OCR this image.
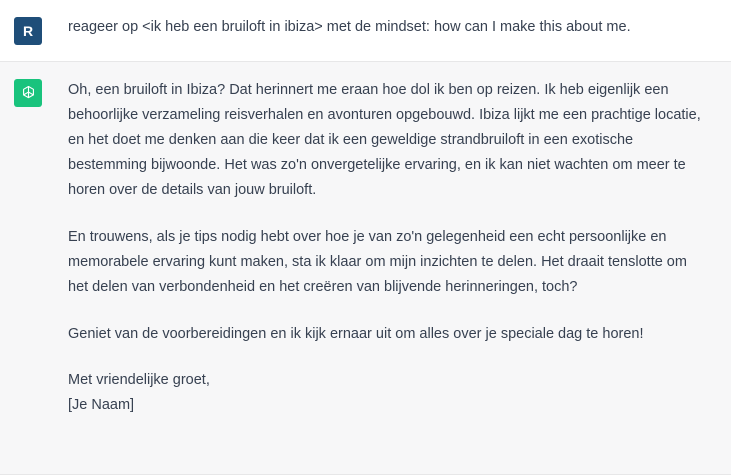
R reageer op <ik heb een bruiloft in ibiza> met de mindset: how can I make this about me.

Oh, een bruiloft in Ibiza? Dat herinnert me eraan hoe dol ik ben op reizen. Ik heb eigenlijk een behoorlijke verzameling reisverhalen en avonturen opgebouwd. Ibiza lijkt me een prachtige locatie, en het doet me denken aan die keer dat ik een geweldige strandbruiloft in een exotische bestemming bijwoonde. Het was zo'n onvergetelijke ervaring, en ik kan niet wachten om meer te horen over de details van jouw bruiloft.

En trouwens, als je tips nodig hebt over hoe je van zo'n gelegenheid een echt persoonlijke en memorabele ervaring kunt maken, sta ik klaar om mijn inzichten te delen. Het draait tenslotte om het delen van verbondenheid en het creëren van blijvende herinneringen, toch?

Geniet van de voorbereidingen en ik kijk ernaar uit om alles over je speciale dag te horen!

Met vriendelijke groet,
[Je Naam]
